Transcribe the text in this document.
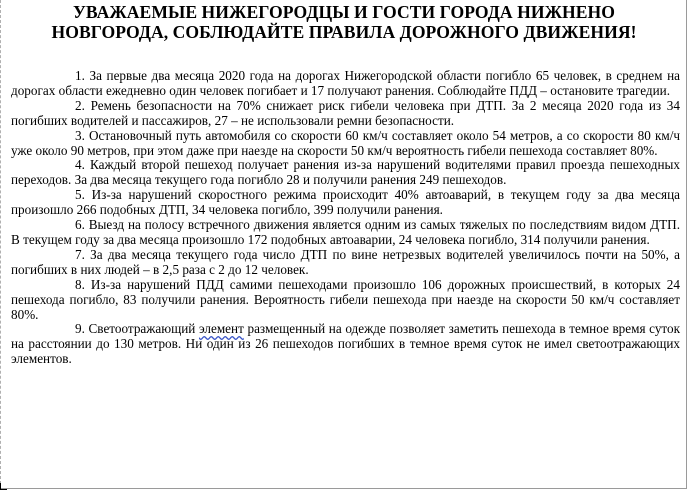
УВАЖАЕМЫЕ НИЖЕГОРОДЦЫ И ГОСТИ ГОРОДА НИЖНЕНО
НОВГОРОДА, СОБЛЮДАЙТЕ ПРАВИЛА ДОРОЖНОГО ДВИЖЕНИЯ!

1. За первые два месяца 2020 года на дорогах Нижегородской области погибло 65 человек, в среднем на дорогах области ежедневно один человек погибает и 17 получают ранения. Соблюдайте ПДД – остановите трагедии.

2. Ремень безопасности на 70% снижает риск гибели человека при ДТП. За 2 месяца 2020 года из 34 погибших водителей и пассажиров, 27 – не использовали ремни безопасности.

3. Остановочный путь автомобиля со скорости 60 км/ч составляет около 54 метров, а со скорости 80 км/ч уже около 90 метров, при этом даже при наезде на скорости 50 км/ч вероятность гибели пешехода составляет 80%.

4. Каждый второй пешеход получает ранения из-за нарушений водителями правил проезда пешеходных переходов. За два месяца текущего года погибло 28 и получили ранения 249 пешеходов.

5. Из-за нарушений скоростного режима происходит 40% автоаварий, в текущем году за два месяца произошло 266 подобных ДТП, 34 человека погибло, 399 получили ранения.

6. Выезд на полосу встречного движения является одним из самых тяжелых по последствиям видом ДТП. В текущем году за два месяца произошло 172 подобных автоаварии, 24 человека погибло, 314 получили ранения.

7. За два месяца текущего года число ДТП по вине нетрезвых водителей увеличилось почти на 50%, а погибших в них людей – в 2,5 раза с 2 до 12 человек.

8. Из-за нарушений ПДД самими пешеходами произошло 106 дорожных происшествий, в которых 24 пешехода погибло, 83 получили ранения. Вероятность гибели пешехода при наезде на скорости 50 км/ч составляет 80%.

9. Светоотражающий элемент размещенный на одежде позволяет заметить пешехода в темное время суток на расстоянии до 130 метров. Ни один из 26 пешеходов погибших в темное время суток не имел светоотражающих элементов.
